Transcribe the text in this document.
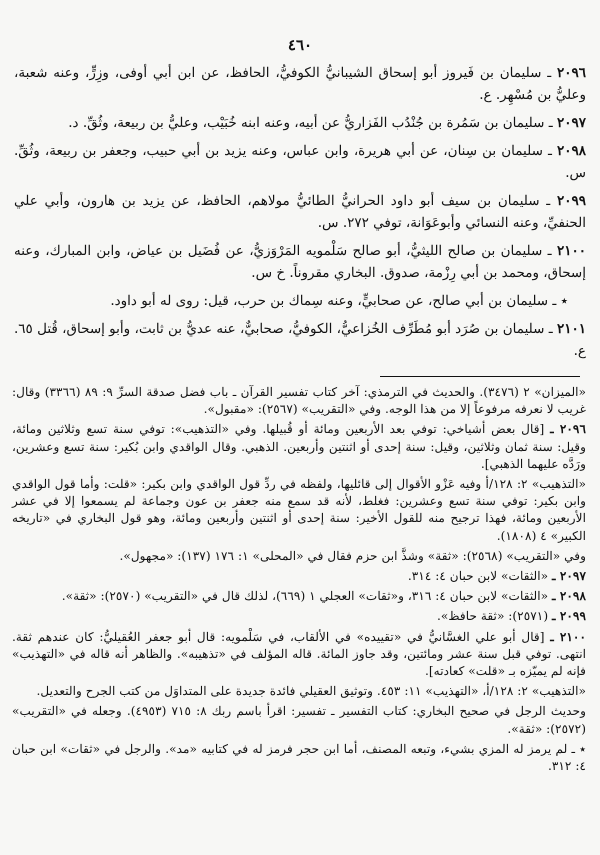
٤٦٠

٢٠٩٦ ـ سليمان بن فَيروز أبو إسحاق الشيبانيُّ الكوفيُّ، الحافظ، عن ابن أبي أوفى، وزِرٍّ، وعنه شعبة، وعليُّ بن مُسْهِر. ع.

٢٠٩٧ ـ سليمان بن سَمُرة بن جُنْدُب الفَزاريُّ عن أبيه، وعنه ابنه خُبَيْب، وعليُّ بن ربيعة، وثُقِّ. د.

٢٠٩٨ ـ سليمان بن سِنان، عن أبي هريرة، وابن عباس، وعنه يزيد بن أبي حبيب، وجعفر بن ربيعة، وثُقِّ. س.

٢٠٩٩ ـ سليمان بن سيف أبو داود الحرانيُّ الطائيُّ مولاهم، الحافظ، عن يزيد بن هارون، وأبي علي الحنفيِّ، وعنه النسائي وأبوعَوَانة، توفي ٢٧٢. س.

٢١٠٠ ـ سليمان بن صالح الليثيُّ، أبو صالح سَلْمويه المَرْوَزيُّ، عن فُضَيل بن عياض، وابن المبارك، وعنه إسحاق، ومحمد بن أبي رِزْمة، صدوق. البخاري مقروناً. خ س.

٭ ـ سليمان بن أبي صالح، عن صحابيٍّ، وعنه سِماك بن حرب، قيل: روى له أبو داود.

٢١٠١ ـ سليمان بن صُرَد أبو مُطَرِّف الخُزاعيُّ، الكوفيُّ، صحابيٌّ، عنه عديُّ بن ثابت، وأبو إسحاق، قُتل ٦٥. ع.

«الميزان» ٢ (٣٤٧٦). والحديث في الترمذي: آخر كتاب تفسير القرآن ـ باب فضل صدقة السرِّ ٩: ٨٩ (٣٣٦٦) وقال: غريب لا نعرفه مرفوعاً إلا من هذا الوجه. وفي «التقريب» (٢٥٦٧): «مقبول».

٢٠٩٦ ـ [قال بعض أشياخي: توفي بعد الأربعين ومائة أو قُبيلها. وفي «التذهيب»: توفي سنة تسع وثلاثين ومائة، وقيل: سنة ثمان وثلاثين، وقيل: سنة إحدى أو اثنتين وأربعين. الذهبي. وقال الواقدي وابن بُكير: سنة تسع وعشرين، ورَدَّه عليهما الذهبي].

«التذهيب» ٢: ١٢٨/أ وفيه عَزْو الأقوال إلى قائليها، ولفظه في ردِّ قول الواقدي وابن بكير: «قلت: وأما قول الواقدي وابن بكير: توفي سنة تسع وعشرين: فغلط، لأنه قد سمع منه جعفر بن عون وجماعة لم يسمعوا إلا في عشر الأربعين ومائة، فهذا ترجيح منه للقول الأخير: سنة إحدى أو اثنتين وأربعين ومائة، وهو قول البخاري في «تاريخه الكبير» ٤ (١٨٠٨).

وفي «التقريب» (٢٥٦٨): «ثقة» وشذَّ ابن حزم فقال في «المحلى» ١: ١٧٦ (١٣٧): «مجهول».

٢٠٩٧ ـ «الثقات» لابن حبان ٤: ٣١٤.

٢٠٩٨ ـ «الثقات» لابن حبان ٤: ٣١٦، و«ثقات» العجلي ١ (٦٦٩)، لذلك قال في «التقريب» (٢٥٧٠): «ثقة».

٢٠٩٩ ـ (٢٥٧١): «ثقة حافظ».

٢١٠٠ ـ [قال أبو علي الغسَّانيُّ في «تقييده» في الألقاب، في سَلْمويه: قال أبو جعفر العُقيليُّ: كان عندهم ثقة. انتهى. توفي قبل سنة عشر ومائتين، وقد جاوز المائة. قاله المؤلف في «تذهيبه». والظاهر أنه قاله في «التهذيب» فإنه لم يميّزه بـ «قلت» كعادته].

«التذهيب» ٢: ١٢٨/أ، «التهذيب» ١١: ٤٥٣. وتوثيق العقيلي فائدة جديدة على المتداوَل من كتب الجرح والتعديل.

وحديث الرجل في صحيح البخاري: كتاب التفسير ـ تفسير: اقرأ باسم ربك ٨: ٧١٥ (٤٩٥٣). وجعله في «التقريب» (٢٥٧٢): «ثقة».

٭ ـ لم يرمز له المزي بشيء، وتبعه المصنف، أما ابن حجر فرمز له في كتابيه «مد». والرجل في «ثقات» ابن حبان ٤: ٣١٢.
